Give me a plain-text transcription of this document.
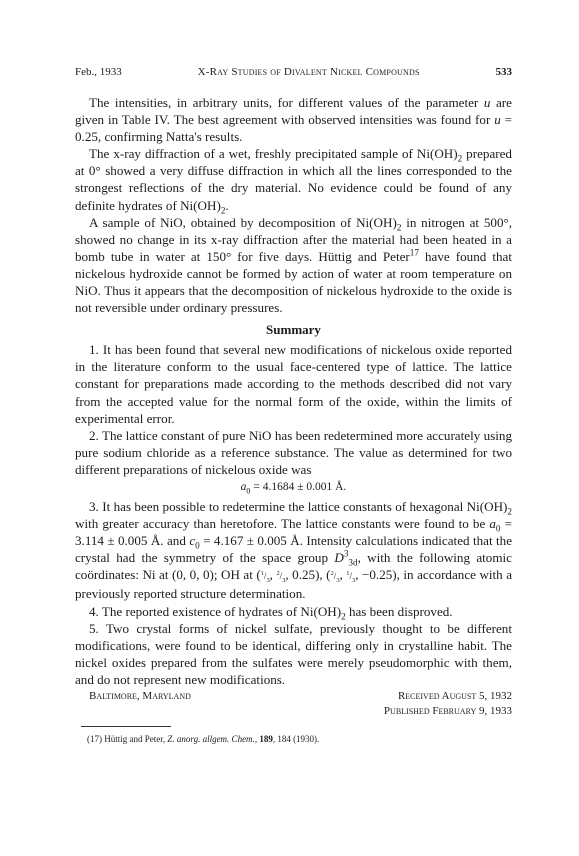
Feb., 1933	X-Ray Studies of Divalent Nickel Compounds	533

The intensities, in arbitrary units, for different values of the parameter u are given in Table IV. The best agreement with observed intensities was found for u = 0.25, confirming Natta's results.

The x-ray diffraction of a wet, freshly precipitated sample of $Ni(OH)_2$ prepared at 0° showed a very diffuse diffraction in which all the lines corresponded to the strongest reflections of the dry material. No evidence could be found of any definite hydrates of $Ni(OH)_2$.

A sample of NiO, obtained by decomposition of $Ni(OH)_2$ in nitrogen at 500°, showed no change in its x-ray diffraction after the material had been heated in a bomb tube in water at 150° for five days. Hüttig and Peter$^{17}$ have found that nickelous hydroxide cannot be formed by action of water at room temperature on NiO. Thus it appears that the decomposition of nickelous hydroxide to the oxide is not reversible under ordinary pressures.

Summary

1. It has been found that several new modifications of nickelous oxide reported in the literature conform to the usual face-centered type of lattice. The lattice constant for preparations made according to the methods described did not vary from the accepted value for the normal form of the oxide, within the limits of experimental error.

2. The lattice constant of pure NiO has been redetermined more accurately using pure sodium chloride as a reference substance. The value as determined for two different preparations of nickelous oxide was

$a_0 = 4.1684 \pm 0.001$ Å.

3. It has been possible to redetermine the lattice constants of hexagonal $Ni(OH)_2$ with greater accuracy than heretofore. The lattice constants were found to be $a_0 = 3.114 \pm 0.005$ Å. and $c_0 = 4.167 \pm 0.005$ Å. Intensity calculations indicated that the crystal had the symmetry of the space group $D^3_{3d}$, with the following atomic coördinates: Ni at (0, 0, 0); OH at ($^1/_3$, $^2/_3$, 0.25), ($^2/_3$, $^1/_3$, −0.25), in accordance with a previously reported structure determination.

4. The reported existence of hydrates of $Ni(OH)_2$ has been disproved.

5. Two crystal forms of nickel sulfate, previously thought to be different modifications, were found to be identical, differing only in crystalline habit. The nickel oxides prepared from the sulfates were merely pseudomorphic with them, and do not represent new modifications.

Baltimore, Maryland	Received August 5, 1932
Published February 9, 1933
(17) Hüttig and Peter, Z. anorg. allgem. Chem., 189, 184 (1930).
